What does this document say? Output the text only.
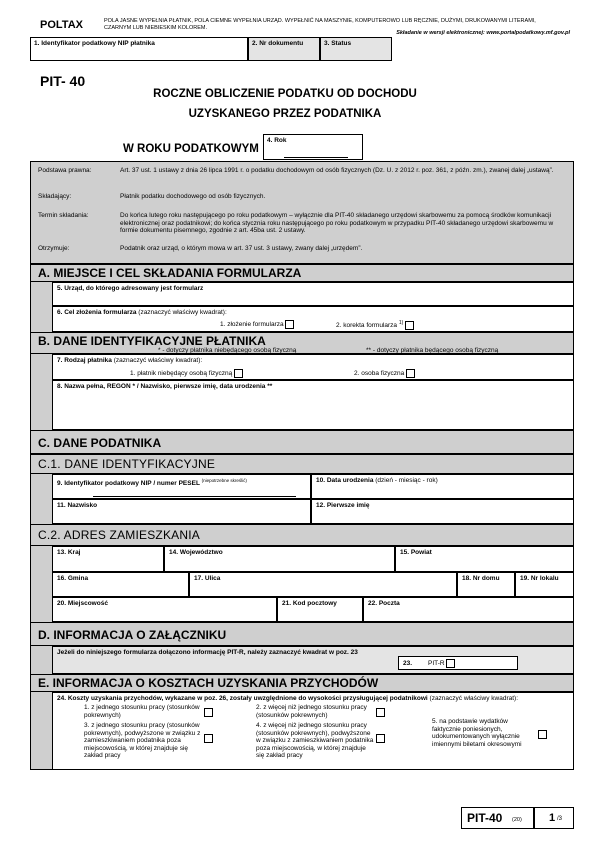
POLTAX	POLA JASNE WYPEŁNIA PŁATNIK, POLA CIEMNE WYPEŁNIA URZĄD. WYPEŁNIĆ NA MASZYNIE, KOMPUTEROWO LUB RĘCZNIE, DUŻYMI, DRUKOWANYMI LITERAMI, CZARNYM LUB NIEBIESKIM KOLOREM.
Składanie w wersji elektronicznej: www.portalpodatkowy.mf.gov.pl
1. Identyfikator podatkowy NIP płatnika	2. Nr dokumentu	3. Status
PIT- 40
ROCZNE OBLICZENIE PODATKU OD DOCHODU
UZYSKANEGO PRZEZ PODATNIKA
W ROKU PODATKOWYM
4. Rok
Podstawa prawna:	Art. 37 ust. 1 ustawy z dnia 26 lipca 1991 r. o podatku dochodowym od osób fizycznych (Dz. U. z 2012 r. poz. 361, z późn. zm.), zwanej dalej „ustawą”.
Składający:	Płatnik podatku dochodowego od osób fizycznych.
Termin składania:	Do końca lutego roku następującego po roku podatkowym – wyłącznie dla PIT-40 składanego urzędowi skarbowemu za pomocą środków komunikacji elektronicznej oraz podatnikowi; do końca stycznia roku następującego po roku podatkowym w przypadku PIT-40 składanego urzędowi skarbowemu w formie dokumentu pisemnego, zgodnie z art. 45ba ust. 2 ustawy.
Otrzymuje:	Podatnik oraz urząd, o którym mowa w art. 37 ust. 3 ustawy, zwany dalej „urzędem”.
A. MIEJSCE I CEL SKŁADANIA FORMULARZA
5. Urząd, do którego adresowany jest formularz
6. Cel złożenia formularza (zaznaczyć właściwy kwadrat):
1. złożenie formularza	2. korekta formularza $^{1)}$
B. DANE IDENTYFIKACYJNE PŁATNIKA
* - dotyczy płatnika niebędącego osobą fizyczną	** - dotyczy płatnika będącego osobą fizyczną
7. Rodzaj płatnika (zaznaczyć właściwy kwadrat):
1. płatnik niebędący osobą fizyczną	2. osoba fizyczna
8. Nazwa pełna, REGON * / Nazwisko, pierwsze imię, data urodzenia **
C. DANE PODATNIKA
C.1. DANE IDENTYFIKACYJNE
9. Identyfikator podatkowy NIP / numer PESEL $^{(niepotrzebne skreślić)}$	10. Data urodzenia (dzień - miesiąc - rok)
11. Nazwisko	12. Pierwsze imię
C.2. ADRES ZAMIESZKANIA
13. Kraj	14. Województwo	15. Powiat
16. Gmina	17. Ulica	18. Nr domu	19. Nr lokalu
20. Miejscowość	21. Kod pocztowy	22. Poczta
D. INFORMACJA O ZAŁĄCZNIKU
Jeżeli do niniejszego formularza dołączono informację PIT-R, należy zaznaczyć kwadrat w poz. 23
23. PIT-R
E. INFORMACJA O KOSZTACH UZYSKANIA PRZYCHODÓW
24. Koszty uzyskania przychodów, wykazane w poz. 26, zostały uwzględnione do wysokości przysługującej podatnikowi (zaznaczyć właściwy kwadrat):
1. z jednego stosunku pracy (stosunków pokrewnych)
2. z więcej niż jednego stosunku pracy (stosunków pokrewnych)
3. z jednego stosunku pracy (stosunków pokrewnych), podwyższone w związku z zamieszkiwaniem podatnika poza miejscowością, w której znajduje się zakład pracy
4. z więcej niż jednego stosunku pracy (stosunków pokrewnych), podwyższone w związku z zamieszkiwaniem podatnika poza miejscowością, w której znajduje się zakład pracy
5. na podstawie wydatków faktycznie poniesionych, udokumentowanych wyłącznie imiennymi biletami okresowymi
PIT-40 (20) 1 /3
